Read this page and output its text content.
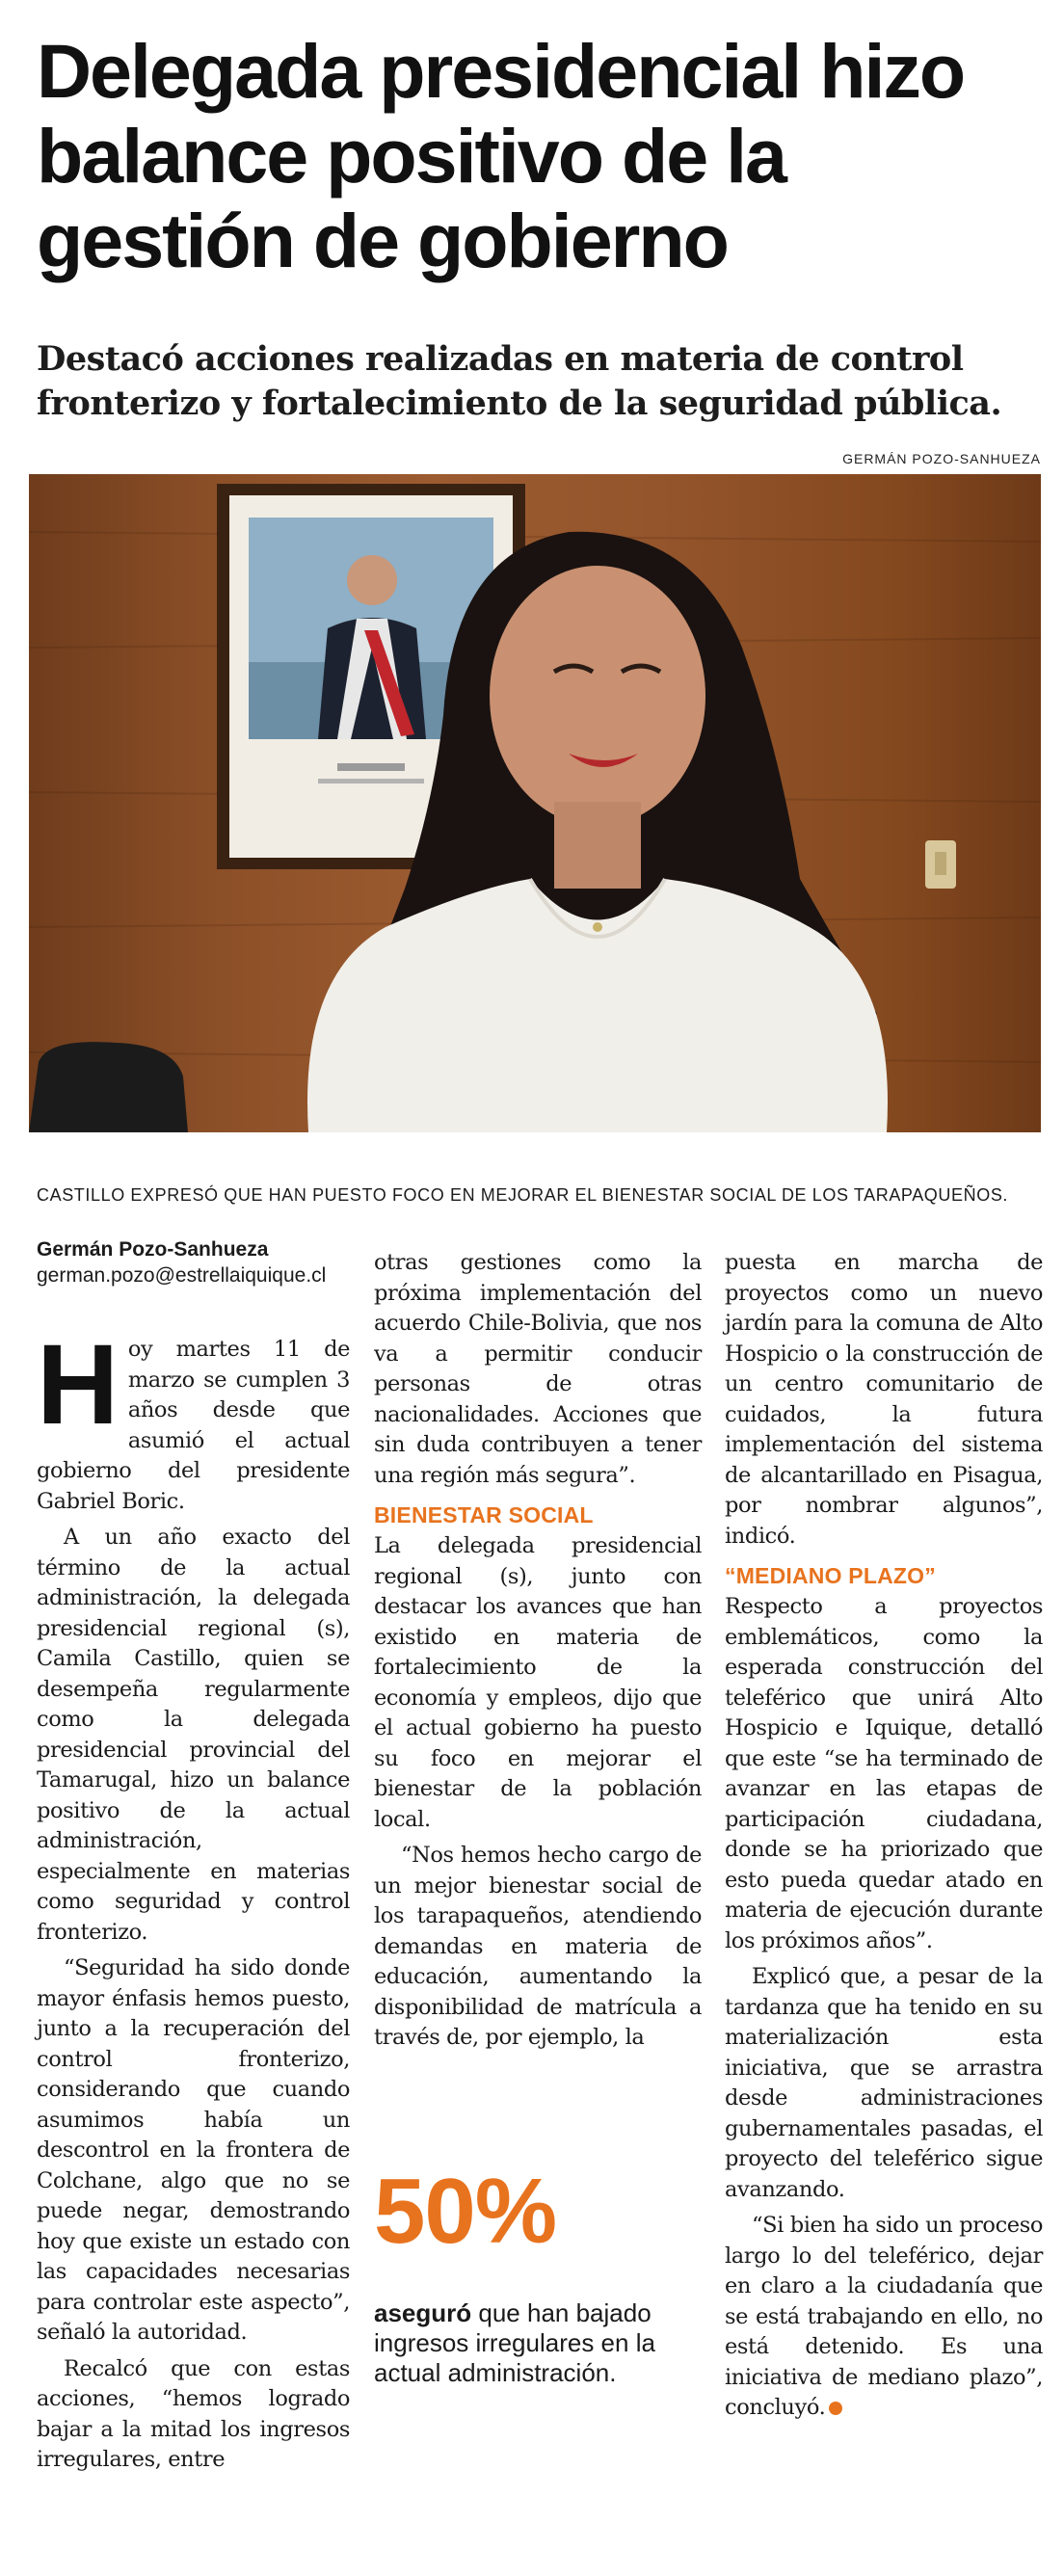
Delegada presidencial hizo balance positivo de la gestión de gobierno
Destacó acciones realizadas en materia de control fronterizo y fortalecimiento de la seguridad pública.
GERMÁN POZO-SANHUEZA
CASTILLO EXPRESÓ QUE HAN PUESTO FOCO EN MEJORAR EL BIENESTAR SOCIAL DE LOS TARAPAQUEÑOS.
Germán Pozo-Sanhueza
german.pozo@estrellaiquique.cl

Hoy martes 11 de marzo se cumplen 3 años desde que asumió el actual gobierno del presidente Gabriel Boric.

A un año exacto del término de la actual administración, la delegada presidencial regional (s), Camila Castillo, quien se desempeña regularmente como la delegada presidencial provincial del Tamarugal, hizo un balance positivo de la actual administración, especialmente en materias como seguridad y control fronterizo.

“Seguridad ha sido donde mayor énfasis hemos puesto, junto a la recuperación del control fronterizo, considerando que cuando asumimos había un descontrol en la frontera de Colchane, algo que no se puede negar, demostrando hoy que existe un estado con las capacidades necesarias para controlar este aspecto”, señaló la autoridad.

Recalcó que con estas acciones, “hemos logrado bajar a la mitad los ingresos irregulares, entre

otras gestiones como la próxima implementación del acuerdo Chile-Bolivia, que nos va a permitir conducir personas de otras nacionalidades. Acciones que sin duda contribuyen a tener una región más segura”.

BIENESTAR SOCIAL

La delegada presidencial regional (s), junto con destacar los avances que han existido en materia de fortalecimiento de la economía y empleos, dijo que el actual gobierno ha puesto su foco en mejorar el bienestar de la población local.

“Nos hemos hecho cargo de un mejor bienestar social de los tarapaqueños, atendiendo demandas en materia de educación, aumentando la disponibilidad de matrícula a través de, por ejemplo, la

50%
aseguró que han bajado ingresos irregulares en la actual administración.

puesta en marcha de proyectos como un nuevo jardín para la comuna de Alto Hospicio o la construcción de un centro comunitario de cuidados, la futura implementación del sistema de alcantarillado en Pisagua, por nombrar algunos”, indicó.

“MEDIANO PLAZO”

Respecto a proyectos emblemáticos, como la esperada construcción del teleférico que unirá Alto Hospicio e Iquique, detalló que este “se ha terminado de avanzar en las etapas de participación ciudadana, donde se ha priorizado que esto pueda quedar atado en materia de ejecución durante los próximos años”.

Explicó que, a pesar de la tardanza que ha tenido en su materialización esta iniciativa, que se arrastra desde administraciones gubernamentales pasadas, el proyecto del teleférico sigue avanzando.

“Si bien ha sido un proceso largo lo del teleférico, dejar en claro a la ciudadanía que se está trabajando en ello, no está detenido. Es una iniciativa de mediano plazo”, concluyó.	+
